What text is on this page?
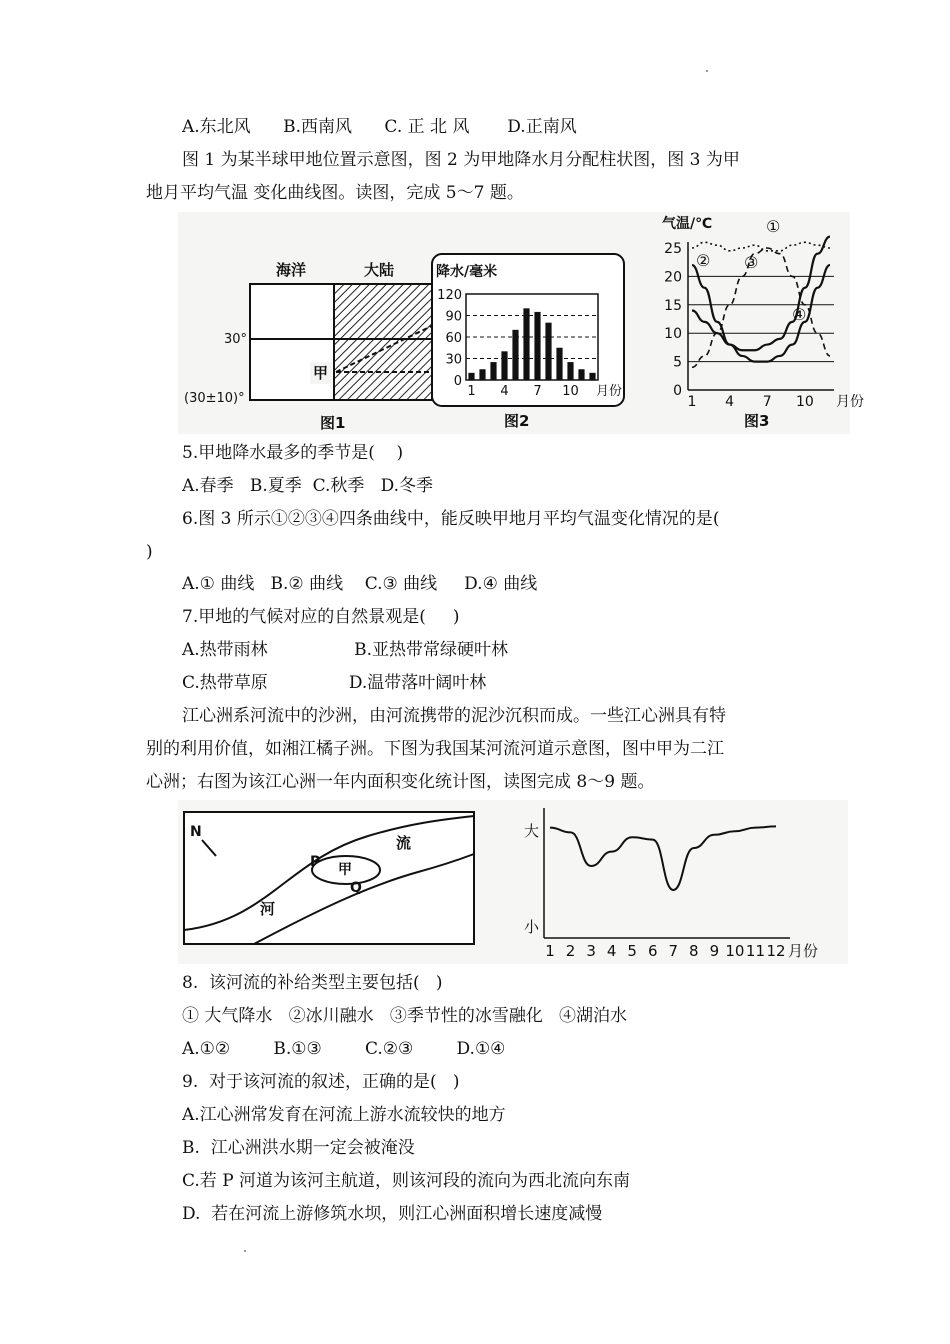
A.东北风      B.西南风      C. 正 北 风       D.正南风
图 1 为某半球甲地位置示意图，图 2 为甲地降水月分配柱状图，图 3 为甲
地月平均气温 变化曲线图。读图，完成 5～7 题。
海洋	大陆
30°
(30±10)°
甲
图1
降水/毫米
120
90
60
30
0
1 4 7 10 月份
图2
气温/℃
25
20
15
10
5
0
1 4 7 10 月份
①
② ③
④
图3
5.甲地降水最多的季节是(    )
A.春季   B.夏季  C.秋季   D.冬季
6.图 3 所示①②③④四条曲线中，能反映甲地月平均气温变化情况的是(
)
A.① 曲线   B.② 曲线    C.③ 曲线     D.④ 曲线
7.甲地的气候对应的自然景观是(     )
A.热带雨林                B.亚热带常绿硬叶林
C.热带草原               D.温带落叶阔叶林
江心洲系河流中的沙洲，由河流携带的泥沙沉积而成。一些江心洲具有特
别的利用价值，如湘江橘子洲。下图为我国某河流河道示意图，图中甲为二江
心洲；右图为该江心洲一年内面积变化统计图，读图完成 8～9 题。
N
甲
P
Q
流
河
大
小
1 2 3 4 5 6 7 8 9 10 11 12 月份
8.  该河流的补给类型主要包括(   )
① 大气降水   ②冰川融水   ③季节性的冰雪融化   ④湖泊水
A.①②        B.①③        C.②③        D.①④
9.  对于该河流的叙述，正确的是(   )
A.江心洲常发育在河流上游水流较快的地方
B.  江心洲洪水期一定会被淹没
C.若 P 河道为该河主航道，则该河段的流向为西北流向东南
D.  若在河流上游修筑水坝，则江心洲面积增长速度减慢
